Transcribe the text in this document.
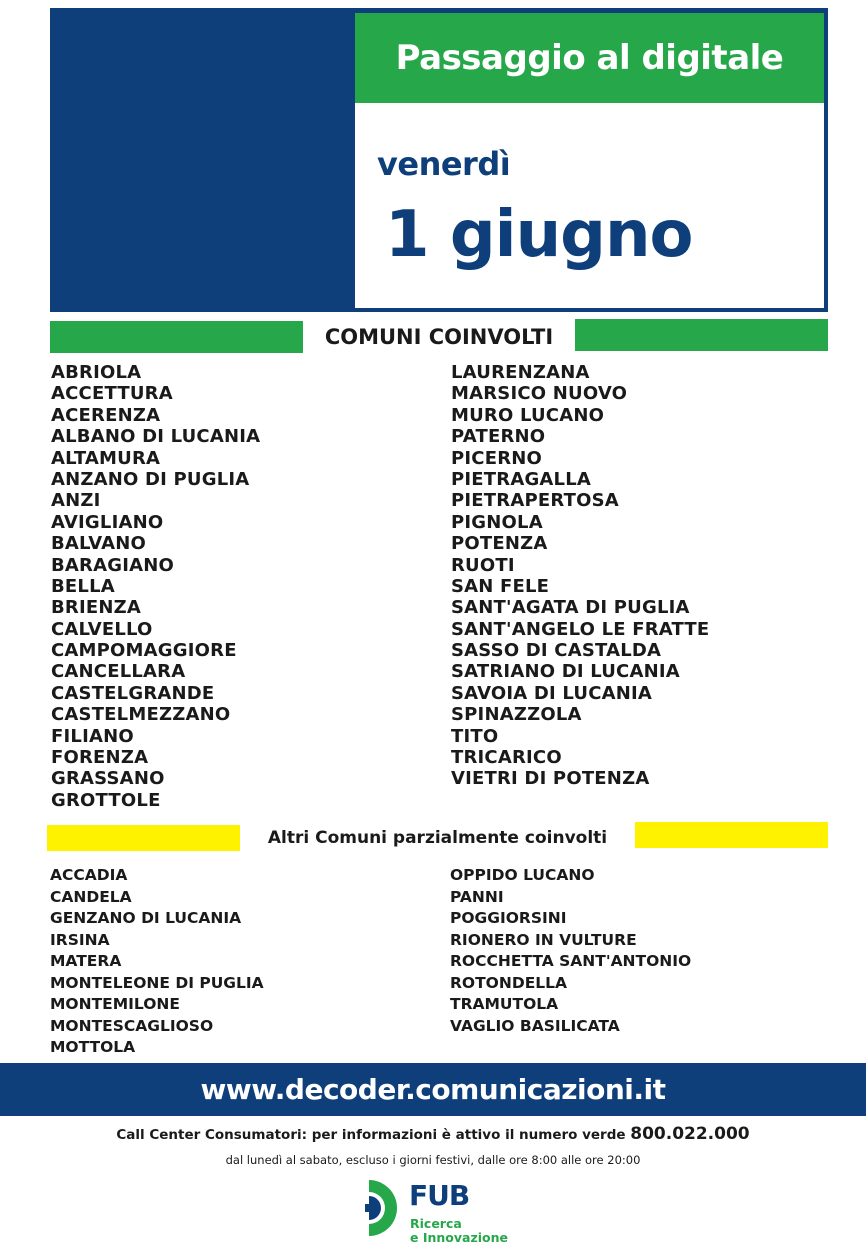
Passaggio al digitale
venerdì
1 giugno
COMUNI COINVOLTI
ABRIOLA
ACCETTURA
ACERENZA
ALBANO DI LUCANIA
ALTAMURA
ANZANO DI PUGLIA
ANZI
AVIGLIANO
BALVANO
BARAGIANO
BELLA
BRIENZA
CALVELLO
CAMPOMAGGIORE
CANCELLARA
CASTELGRANDE
CASTELMEZZANO
FILIANO
FORENZA
GRASSANO
GROTTOLE
LAURENZANA
MARSICO NUOVO
MURO LUCANO
PATERNO
PICERNO
PIETRAGALLA
PIETRAPERTOSA
PIGNOLA
POTENZA
RUOTI
SAN FELE
SANT'AGATA DI PUGLIA
SANT'ANGELO LE FRATTE
SASSO DI CASTALDA
SATRIANO DI LUCANIA
SAVOIA DI LUCANIA
SPINAZZOLA
TITO
TRICARICO
VIETRI DI POTENZA
Altri Comuni parzialmente coinvolti
ACCADIA
CANDELA
GENZANO DI LUCANIA
IRSINA
MATERA
MONTELEONE DI PUGLIA
MONTEMILONE
MONTESCAGLIOSO
MOTTOLA
OPPIDO LUCANO
PANNI
POGGIORSINI
RIONERO IN VULTURE
ROCCHETTA SANT'ANTONIO
ROTONDELLA
TRAMUTOLA
VAGLIO BASILICATA
www.decoder.comunicazioni.it
Call Center Consumatori: per informazioni è attivo il numero verde 800.022.000
dal lunedì al sabato, escluso i giorni festivi, dalle ore 8:00 alle ore 20:00
FUB
Ricerca
e Innovazione
